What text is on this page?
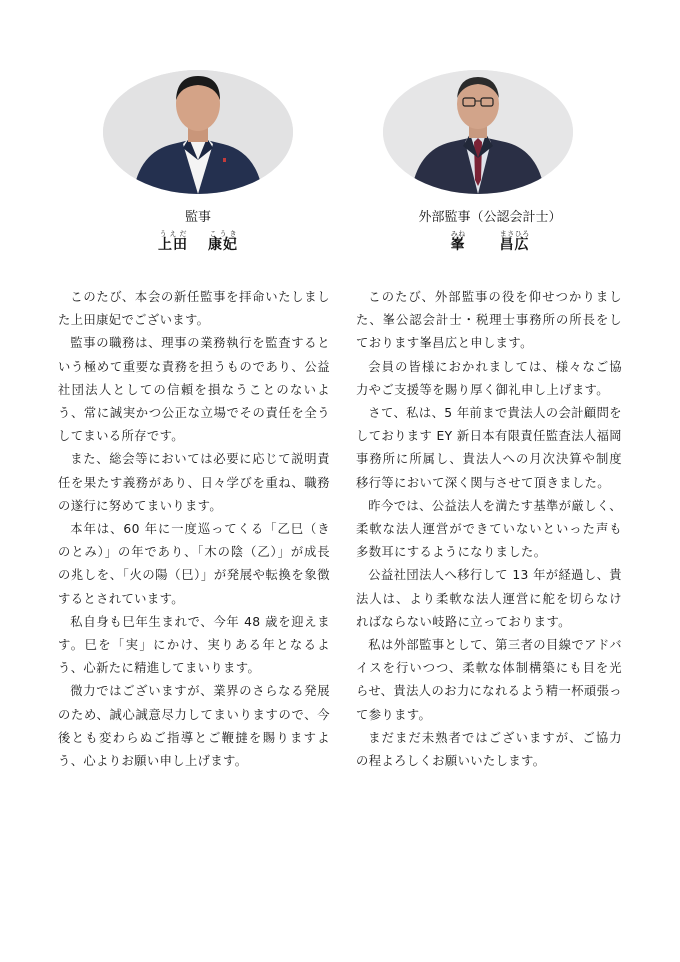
監事
上田うえだ康妃こうき

このたび、本会の新任監事を拝命いたしました上田康妃でございます。

監事の職務は、理事の業務執行を監査するという極めて重要な責務を担うものであり、公益社団法人としての信頼を損なうことのないよう、常に誠実かつ公正な立場でその責任を全うしてまいる所存です。

また、総会等においては必要に応じて説明責任を果たす義務があり、日々学びを重ね、職務の遂行に努めてまいります。

本年は、60 年に一度巡ってくる「乙巳（きのとみ）」の年であり、「木の陰（乙）」が成長の兆しを、「火の陽（巳）」が発展や転換を象徴するとされています。

私自身も巳年生まれで、今年 48 歳を迎えます。巳を「実」にかけ、実りある年となるよう、心新たに精進してまいります。

微力ではございますが、業界のさらなる発展のため、誠心誠意尽力してまいりますので、今後とも変わらぬご指導とご鞭撻を賜りますよう、心よりお願い申し上げます。

外部監事（公認会計士）
峯みね昌広まさひろ

このたび、外部監事の役を仰せつかりました、峯公認会計士・税理士事務所の所長をしております峯昌広と申します。

会員の皆様におかれましては、様々なご協力やご支援等を賜り厚く御礼申し上げます。

さて、私は、5 年前まで貴法人の会計顧問をしております EY 新日本有限責任監査法人福岡事務所に所属し、貴法人への月次決算や制度移行等において深く関与させて頂きました。

昨今では、公益法人を満たす基準が厳しく、柔軟な法人運営ができていないといった声も多数耳にするようになりました。

公益社団法人へ移行して 13 年が経過し、貴法人は、より柔軟な法人運営に舵を切らなければならない岐路に立っております。

私は外部監事として、第三者の目線でアドバイスを行いつつ、柔軟な体制構築にも目を光らせ、貴法人のお力になれるよう精一杯頑張って参ります。

まだまだ未熟者ではございますが、ご協力の程よろしくお願いいたします。
